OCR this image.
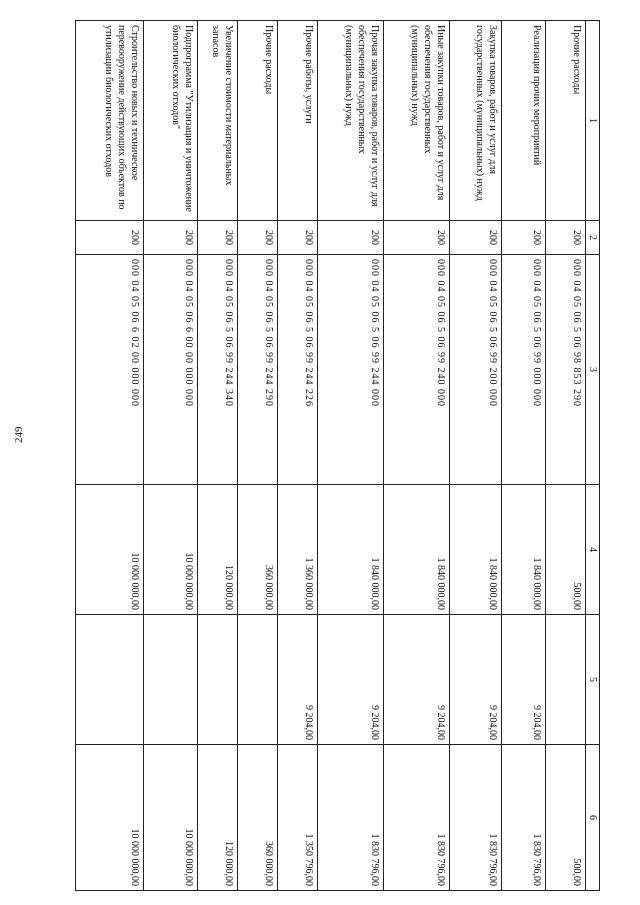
249
1	2	3	4	5	6
Прочие расходы	200	000 04 05 06 5 06 98 853 290	500,00		500,00
Реализация прочих мероприятий	200	000 04 05 06 5 06 99 000 000	1 840 000,00	9 204,00	1 830 796,00
Закупка товаров, работ и услуг для государственных (муниципальных) нужд	200	000 04 05 06 5 06 99 200 000	1 840 000,00	9 204,00	1 830 796,00
Иные закупки товаров, работ и услуг для обеспечения государственных (муниципальных) нужд	200	000 04 05 06 5 06 99 240 000	1 840 000,00	9 204,00	1 830 796,00
Прочая закупка товаров, работ и услуг для обеспечения государственных (муниципальных) нужд	200	000 04 05 06 5 06 99 244 000	1 840 000,00	9 204,00	1 830 796,00
Прочие работы, услуги	200	000 04 05 06 5 06 99 244 226	1 360 000,00	9 204,00	1 350 796,00
Прочие расходы	200	000 04 05 06 5 06 99 244 290	360 000,00		360 000,00
Увеличение стоимости материальных запасов	200	000 04 05 06 5 06 99 244 340	120 000,00		120 000,00
Подпрограмма "Утилизация и уничтожение биологических отходов"	200	000 04 05 06 6 00 00 000 000	10 000 000,00		10 000 000,00
Строительство новых и техническое перевооружение действующих объектов по утилизации биологических отходов	200	000 04 05 06 6 02 00 000 000	10 000 000,00		10 000 000,00
